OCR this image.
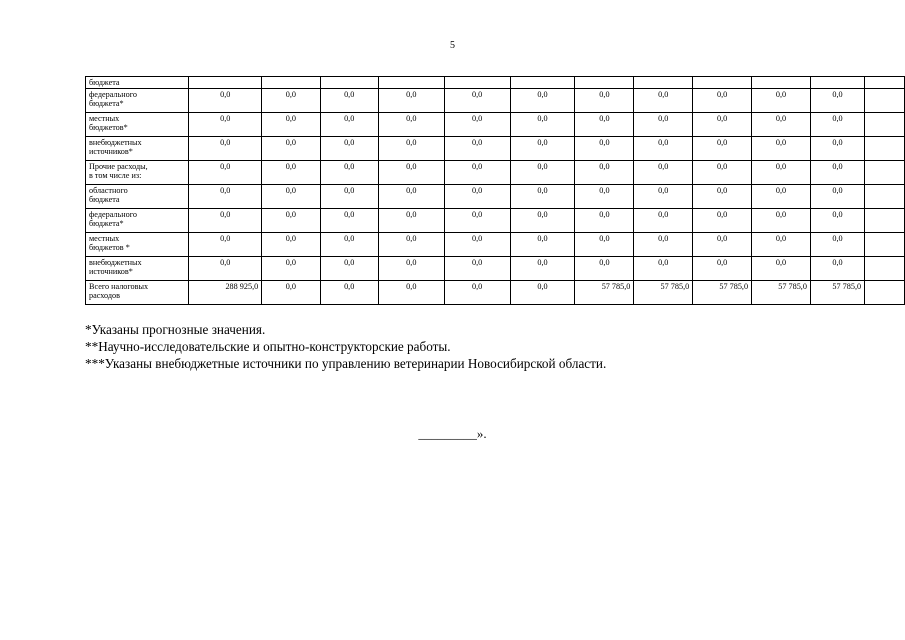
5
бюджета												

федерального
бюджета*	0,0	0,0	0,0	0,0	0,0	0,0	0,0	0,0	0,0	0,0	0,0	

местных
бюджетов*	0,0	0,0	0,0	0,0	0,0	0,0	0,0	0,0	0,0	0,0	0,0	

внебюджетных
источников*	0,0	0,0	0,0	0,0	0,0	0,0	0,0	0,0	0,0	0,0	0,0	

Прочие расходы,
в том числе из:	0,0	0,0	0,0	0,0	0,0	0,0	0,0	0,0	0,0	0,0	0,0	

областного
бюджета	0,0	0,0	0,0	0,0	0,0	0,0	0,0	0,0	0,0	0,0	0,0	

федерального
бюджета*	0,0	0,0	0,0	0,0	0,0	0,0	0,0	0,0	0,0	0,0	0,0	

местных
бюджетов *	0,0	0,0	0,0	0,0	0,0	0,0	0,0	0,0	0,0	0,0	0,0	

внебюджетных
источников*	0,0	0,0	0,0	0,0	0,0	0,0	0,0	0,0	0,0	0,0	0,0	

Всего налоговых
расходов	288 925,0	0,0	0,0	0,0	0,0	0,0	57 785,0	57 785,0	57 785,0	57 785,0	57 785,0	
*Указаны прогнозные значения.
**Научно-исследовательские и опытно-конструкторские работы.
***Указаны внебюджетные источники по управлению ветеринарии Новосибирской области.
_________».
